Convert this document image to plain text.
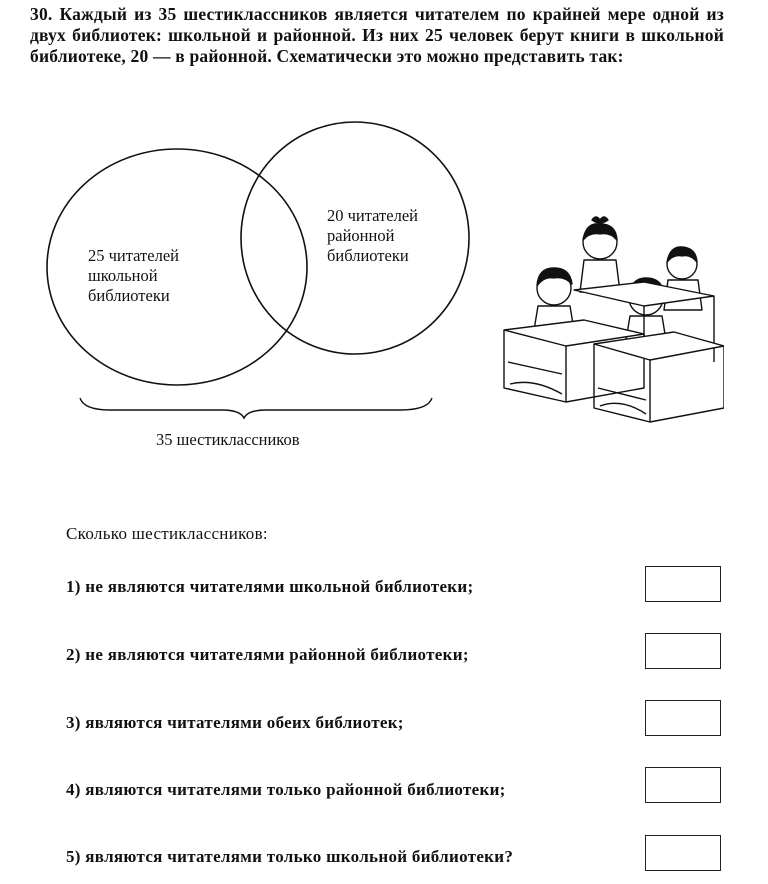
30. Каждый из 35 шестиклассников является читателем по крайней мере одной из двух библиотек: школьной и районной. Из них 25 человек берут книги в школьной библиотеке, 20 — в районной. Схематически это можно представить так:
25 читателей
школьной
библиотеки
20 читателей
районной
библиотеки
35 шестиклассников
Сколько шестиклассников:
1) не являются читателями школьной библиотеки;
2) не являются читателями районной библиотеки;
3) являются читателями обеих библиотек;
4) являются читателями только районной библиотеки;
5) являются читателями только школьной библиотеки?
